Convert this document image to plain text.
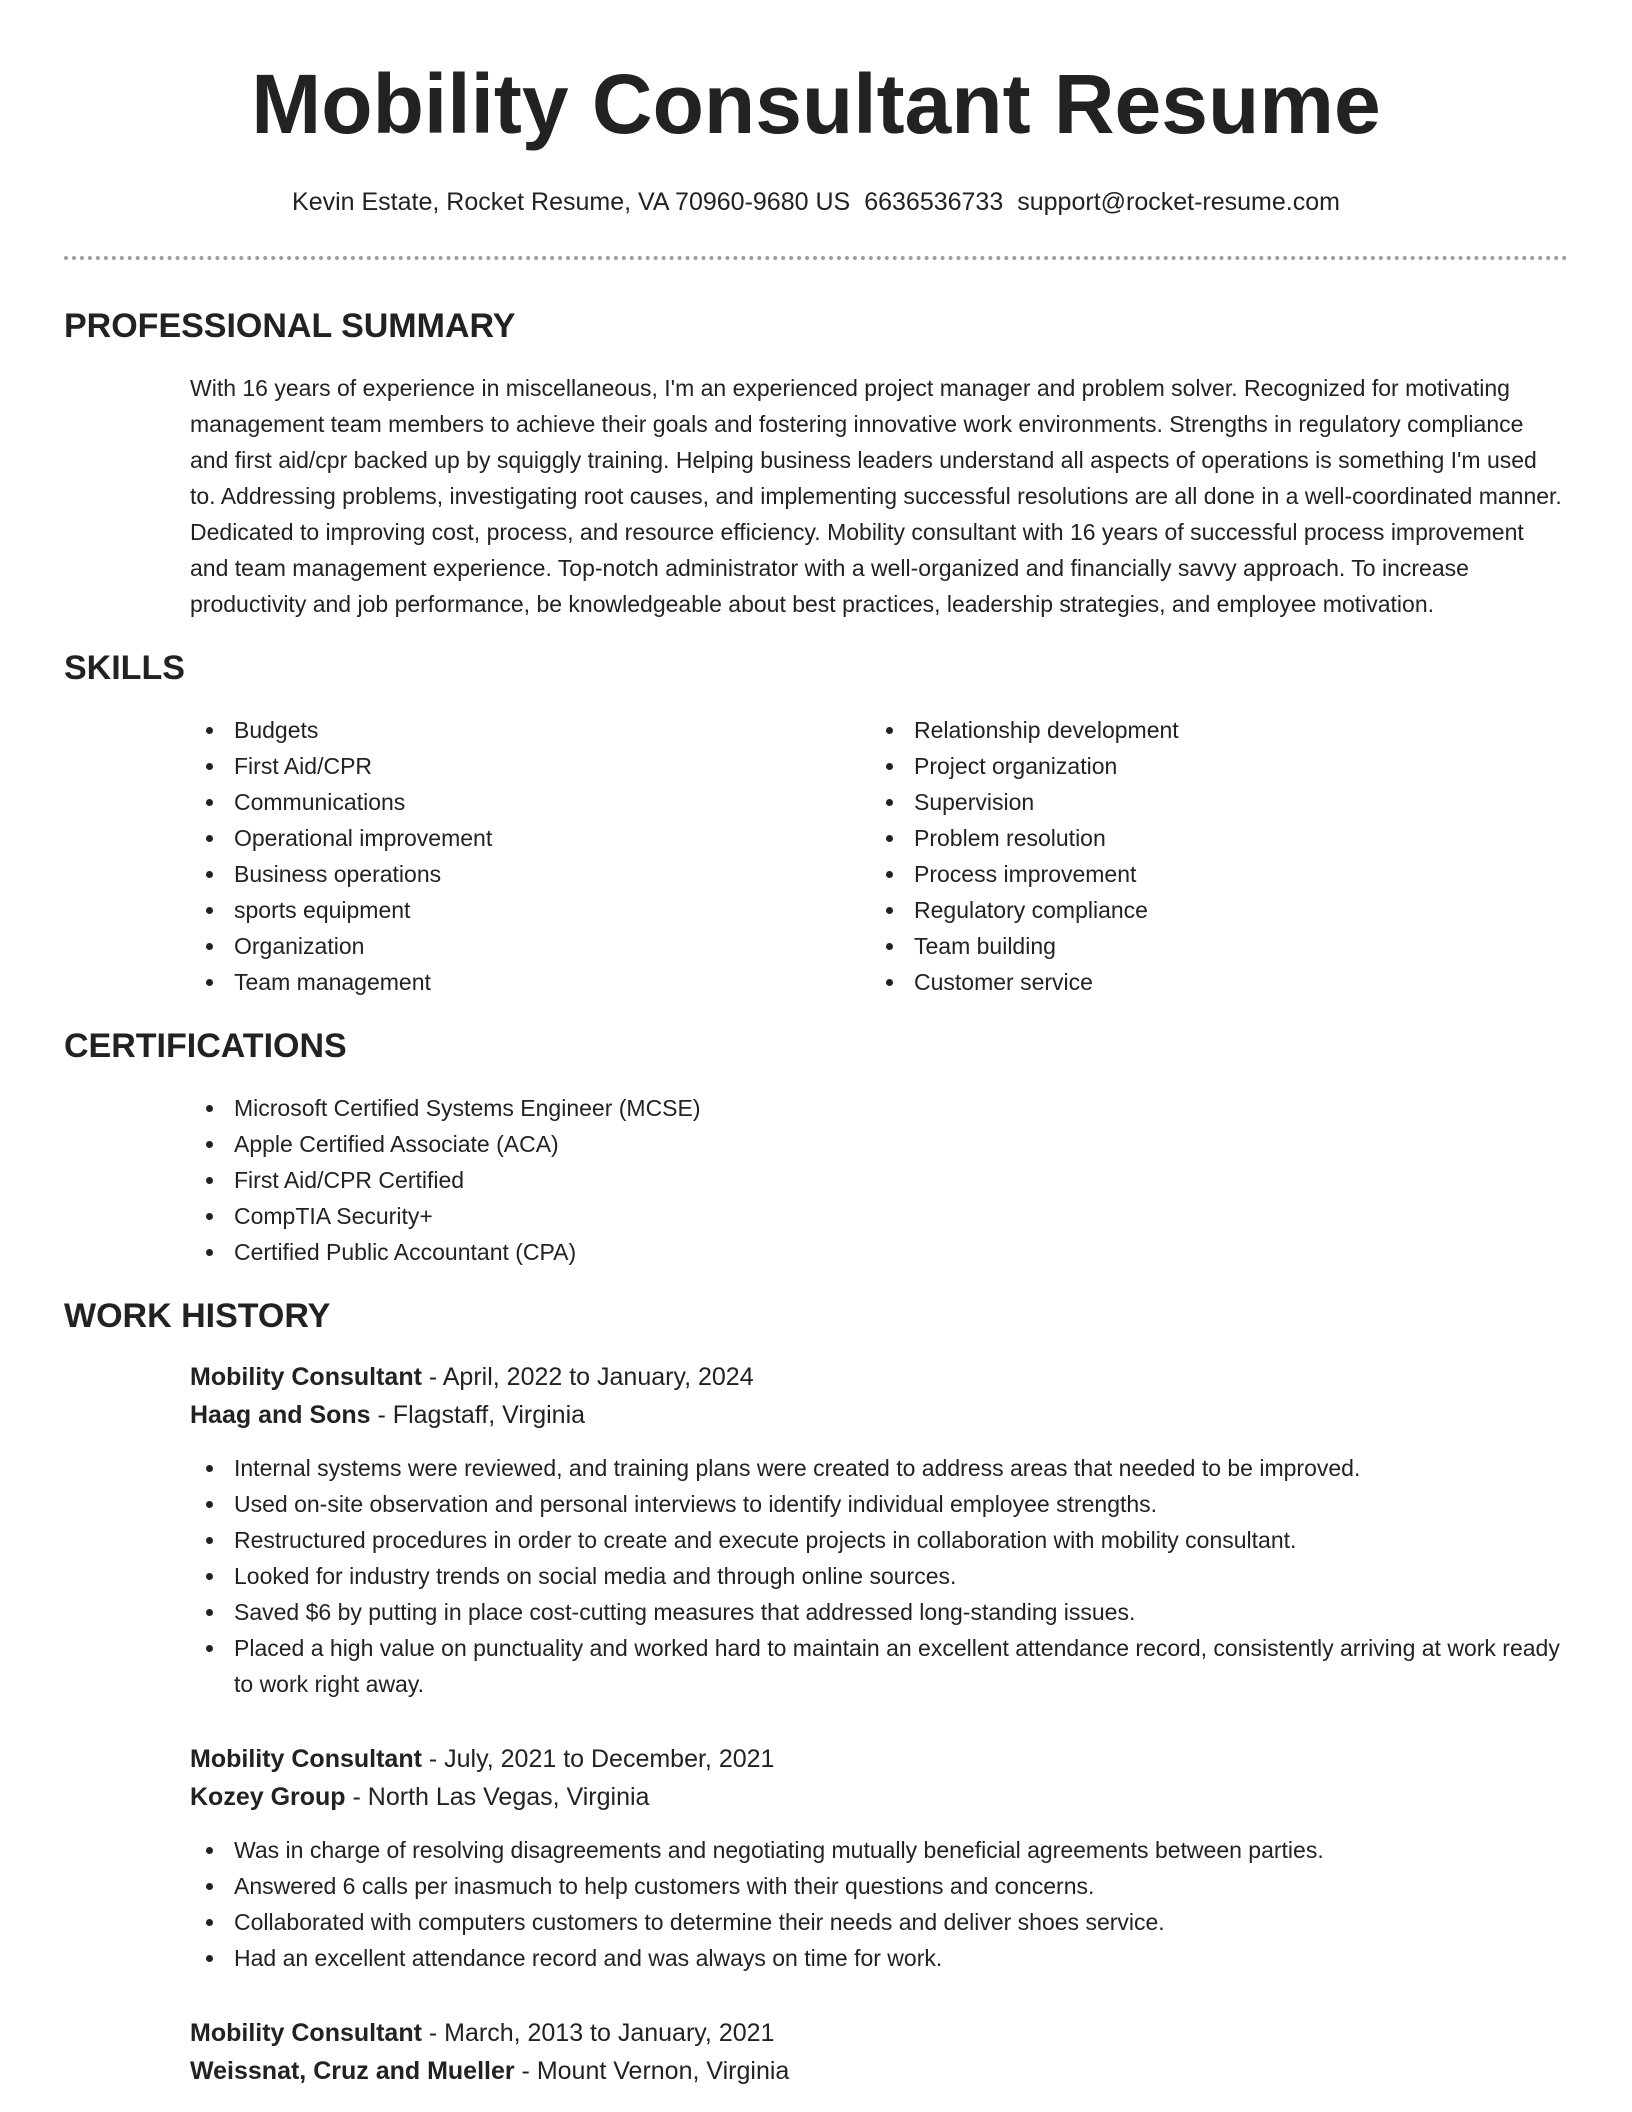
Mobility Consultant Resume
Kevin Estate, Rocket Resume, VA 70960-9680 US 6636536733 support@rocket-resume.com
PROFESSIONAL SUMMARY

With 16 years of experience in miscellaneous, I'm an experienced project manager and problem solver. Recognized for motivating management team members to achieve their goals and fostering innovative work environments. Strengths in regulatory compliance and first aid/cpr backed up by squiggly training. Helping business leaders understand all aspects of operations is something I'm used to. Addressing problems, investigating root causes, and implementing successful resolutions are all done in a well-coordinated manner. Dedicated to improving cost, process, and resource efficiency. Mobility consultant with 16 years of successful process improvement and team management experience. Top-notch administrator with a well-organized and financially savvy approach. To increase productivity and job performance, be knowledgeable about best practices, leadership strategies, and employee motivation.

SKILLS
Budgets
First Aid/CPR
Communications
Operational improvement
Business operations
sports equipment
Organization
Team management
Relationship development
Project organization
Supervision
Problem resolution
Process improvement
Regulatory compliance
Team building
Customer service
CERTIFICATIONS
Microsoft Certified Systems Engineer (MCSE)
Apple Certified Associate (ACA)
First Aid/CPR Certified
CompTIA Security+
Certified Public Accountant (CPA)
WORK HISTORY
Mobility Consultant - April, 2022 to January, 2024
Haag and Sons - Flagstaff, Virginia
Internal systems were reviewed, and training plans were created to address areas that needed to be improved.
Used on-site observation and personal interviews to identify individual employee strengths.
Restructured procedures in order to create and execute projects in collaboration with mobility consultant.
Looked for industry trends on social media and through online sources.
Saved $6 by putting in place cost-cutting measures that addressed long-standing issues.
Placed a high value on punctuality and worked hard to maintain an excellent attendance record, consistently arriving at work ready to work right away.
Mobility Consultant - July, 2021 to December, 2021
Kozey Group - North Las Vegas, Virginia
Was in charge of resolving disagreements and negotiating mutually beneficial agreements between parties.
Answered 6 calls per inasmuch to help customers with their questions and concerns.
Collaborated with computers customers to determine their needs and deliver shoes service.
Had an excellent attendance record and was always on time for work.
Mobility Consultant - March, 2013 to January, 2021
Weissnat, Cruz and Mueller - Mount Vernon, Virginia
